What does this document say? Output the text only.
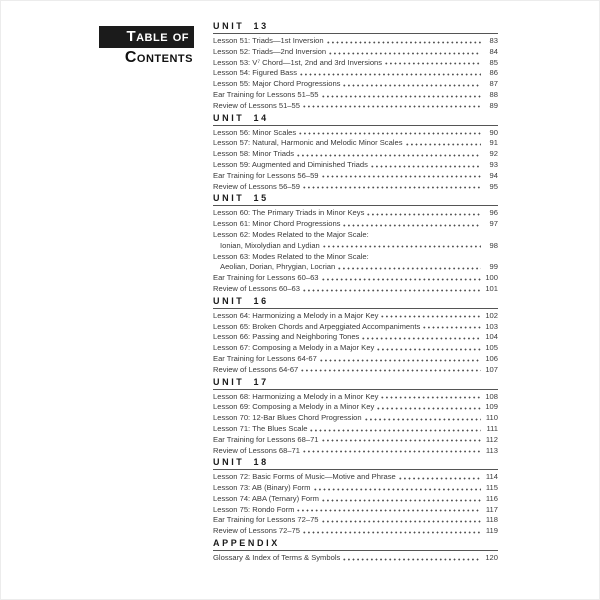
Table of
Contents
UNIT 13
Lesson 51: Triads—1st Inversion	83
Lesson 52: Triads—2nd Inversion	84
Lesson 53: V⁷ Chord—1st, 2nd and 3rd Inversions	85
Lesson 54: Figured Bass	86
Lesson 55: Major Chord Progressions	87
Ear Training for Lessons 51–55	88
Review of Lessons 51–55	89
UNIT 14
Lesson 56: Minor Scales	90
Lesson 57: Natural, Harmonic and Melodic Minor Scales	91
Lesson 58: Minor Triads	92
Lesson 59: Augmented and Diminished Triads	93
Ear Training for Lessons 56–59	94
Review of Lessons 56–59	95
UNIT 15
Lesson 60: The Primary Triads in Minor Keys	96
Lesson 61: Minor Chord Progressions	97
Lesson 62: Modes Related to the Major Scale:
Ionian, Mixolydian and Lydian	98
Lesson 63: Modes Related to the Minor Scale:
Aeolian, Dorian, Phrygian, Locrian	99
Ear Training for Lessons 60–63	100
Review of Lessons 60–63	101
UNIT 16
Lesson 64: Harmonizing a Melody in a Major Key	102
Lesson 65: Broken Chords and Arpeggiated Accompaniments	103
Lesson 66: Passing and Neighboring Tones	104
Lesson 67: Composing a Melody in a Major Key	105
Ear Training for Lessons 64-67	106
Review of Lessons 64-67	107
UNIT 17
Lesson 68: Harmonizing a Melody in a Minor Key	108
Lesson 69: Composing a Melody in a Minor Key	109
Lesson 70: 12-Bar Blues Chord Progression	110
Lesson 71: The Blues Scale	111
Ear Training for Lessons 68–71	112
Review of Lessons 68–71	113
UNIT 18
Lesson 72: Basic Forms of Music—Motive and Phrase	114
Lesson 73: AB (Binary) Form	115
Lesson 74: ABA (Ternary) Form	116
Lesson 75: Rondo Form	117
Ear Training for Lessons 72–75	118
Review of Lessons 72–75	119
APPENDIX
Glossary & Index of Terms & Symbols	120
